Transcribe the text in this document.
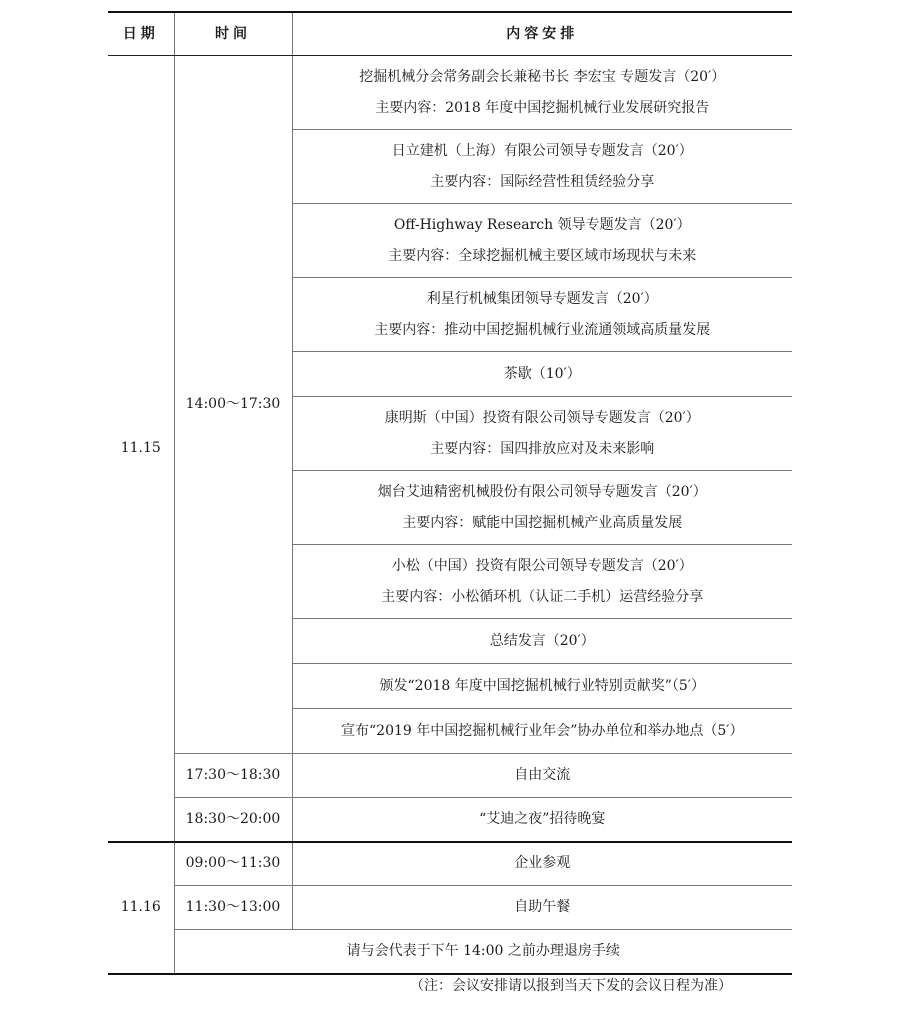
日期	时间	内容安排
11.15	14:00～17:30	挖掘机械分会常务副会长兼秘书长 李宏宝 专题发言（20′）
主要内容：2018 年度中国挖掘机械行业发展研究报告

		日立建机（上海）有限公司领导专题发言（20′）
主要内容：国际经营性租赁经验分享

		Off-Highway Research 领导专题发言（20′）
主要内容：全球挖掘机械主要区域市场现状与未来

		利星行机械集团领导专题发言（20′）
主要内容：推动中国挖掘机械行业流通领域高质量发展

		茶歇（10′）

		康明斯（中国）投资有限公司领导专题发言（20′）
主要内容：国四排放应对及未来影响

		烟台艾迪精密机械股份有限公司领导专题发言（20′）
主要内容：赋能中国挖掘机械产业高质量发展

		小松（中国）投资有限公司领导专题发言（20′）
主要内容：小松循环机（认证二手机）运营经验分享

		总结发言（20′）

		颁发“2018 年度中国挖掘机械行业特别贡献奖”（5′）

		宣布“2019 年中国挖掘机械行业年会”协办单位和举办地点（5′）

	17:30～18:30	自由交流
	18:30～20:00	“艾迪之夜”招待晚宴
11.16	09:00～11:30	企业参观
	11:30～13:00	自助午餐
	请与会代表于下午 14:00 之前办理退房手续	
（注：会议安排请以报到当天下发的会议日程为准）
